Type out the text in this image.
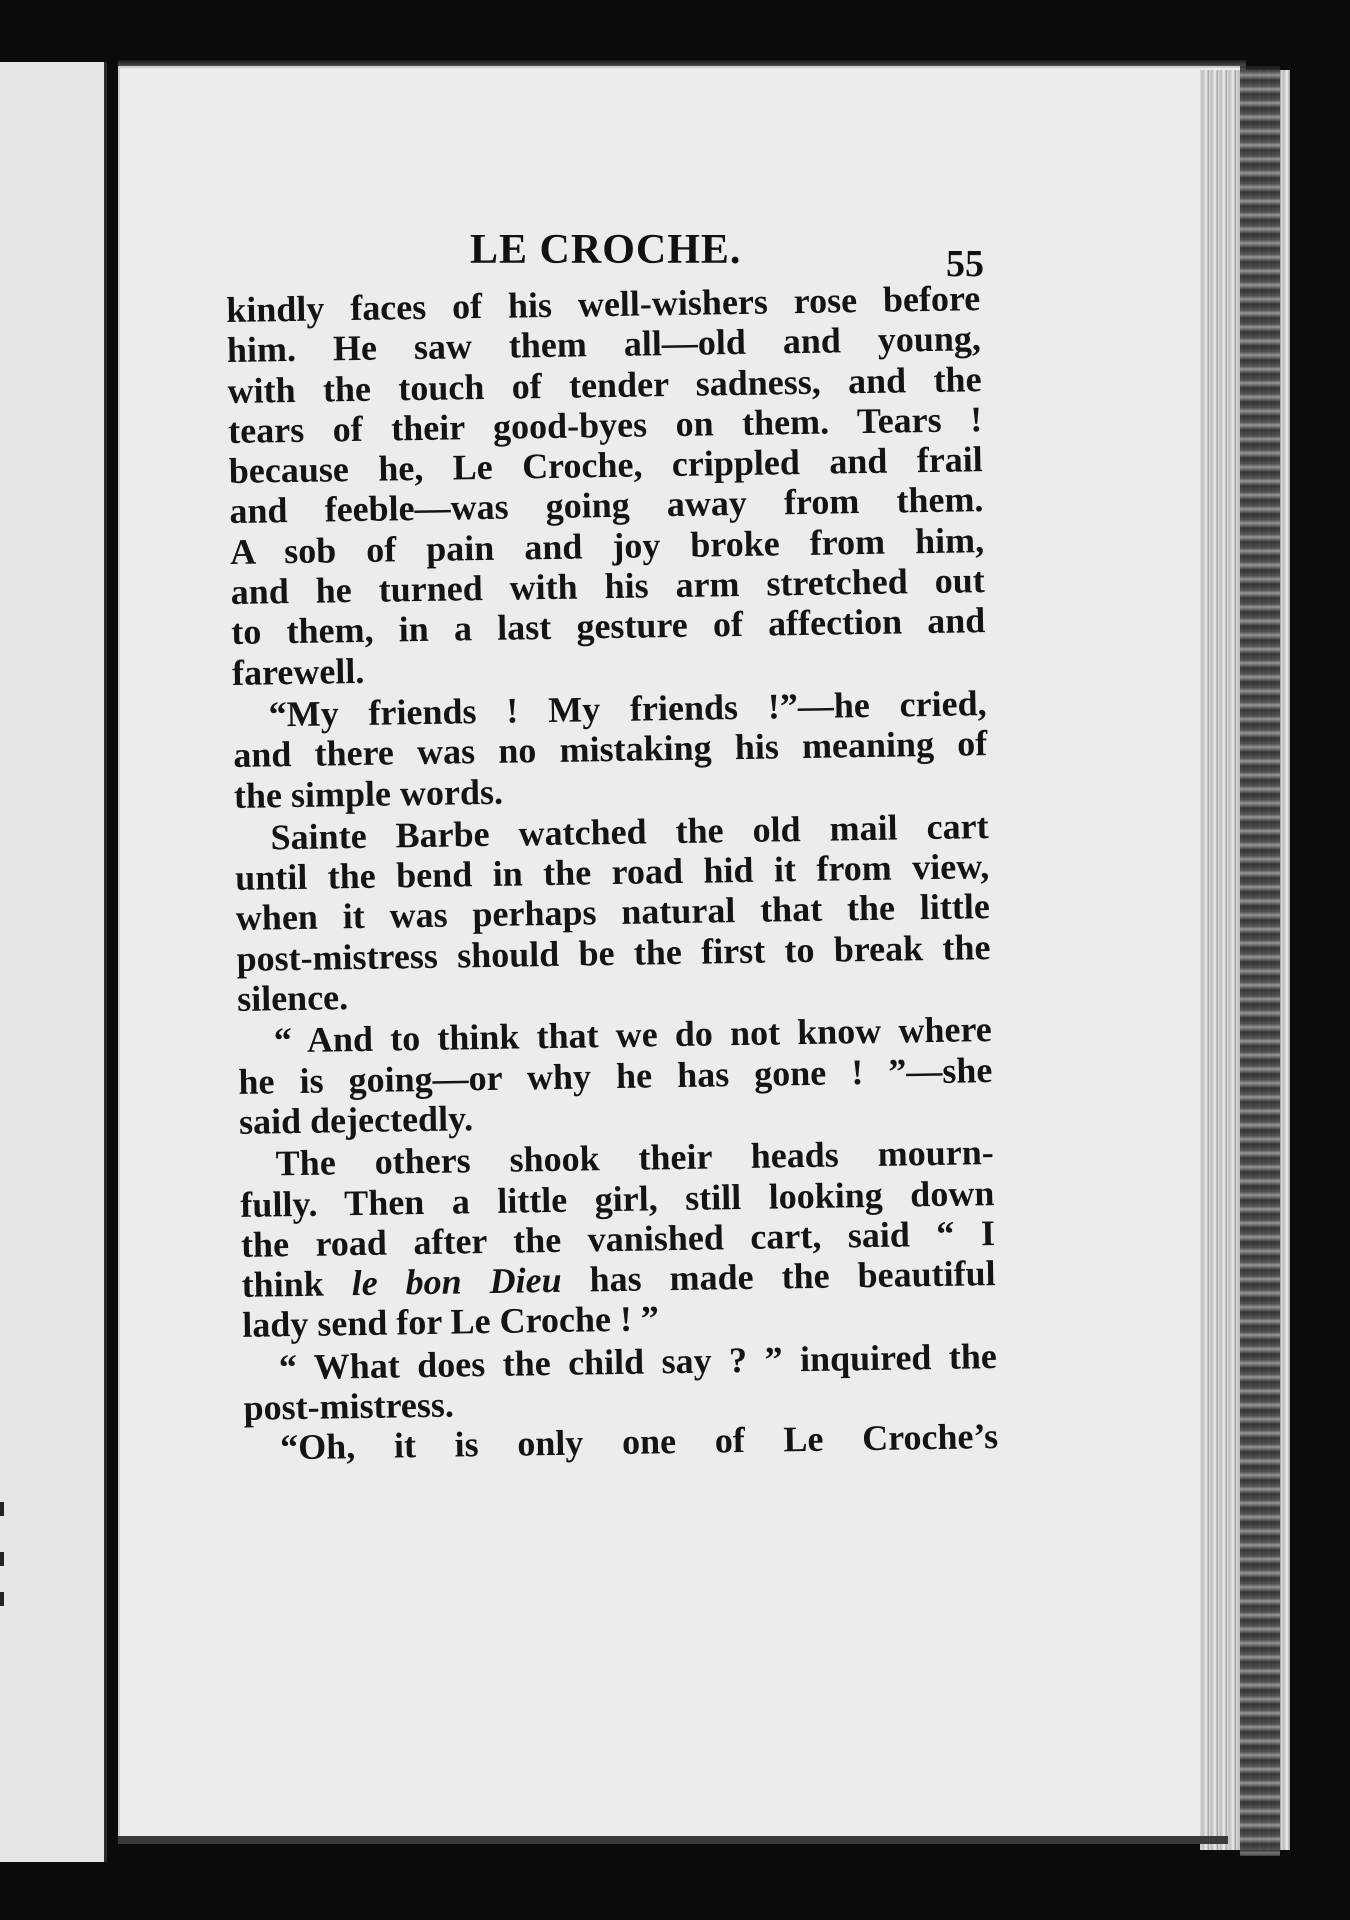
LE CROCHE.	55

kindly faces of his well-wishers rose before

him. He saw them all—old and young,

with the touch of tender sadness, and the

tears of their good-byes on them. Tears !

because he, Le Croche, crippled and frail

and feeble—was going away from them.

A sob of pain and joy broke from him,

and he turned with his arm stretched out

to them, in a last gesture of affection and

farewell.

“My friends ! My friends !”—he cried,

and there was no mistaking his meaning of

the simple words.

Sainte Barbe watched the old mail cart

until the bend in the road hid it from view,

when it was perhaps natural that the little

post-mistress should be the first to break the

silence.

“ And to think that we do not know where

he is going—or why he has gone ! ”—she

said dejectedly.

The others shook their heads mourn-

fully. Then a little girl, still looking down

the road after the vanished cart, said “ I

think le bon Dieu has made the beautiful

lady send for Le Croche ! ”

“ What does the child say ? ” inquired the

post-mistress.

“Oh, it is only one of Le Croche’s
